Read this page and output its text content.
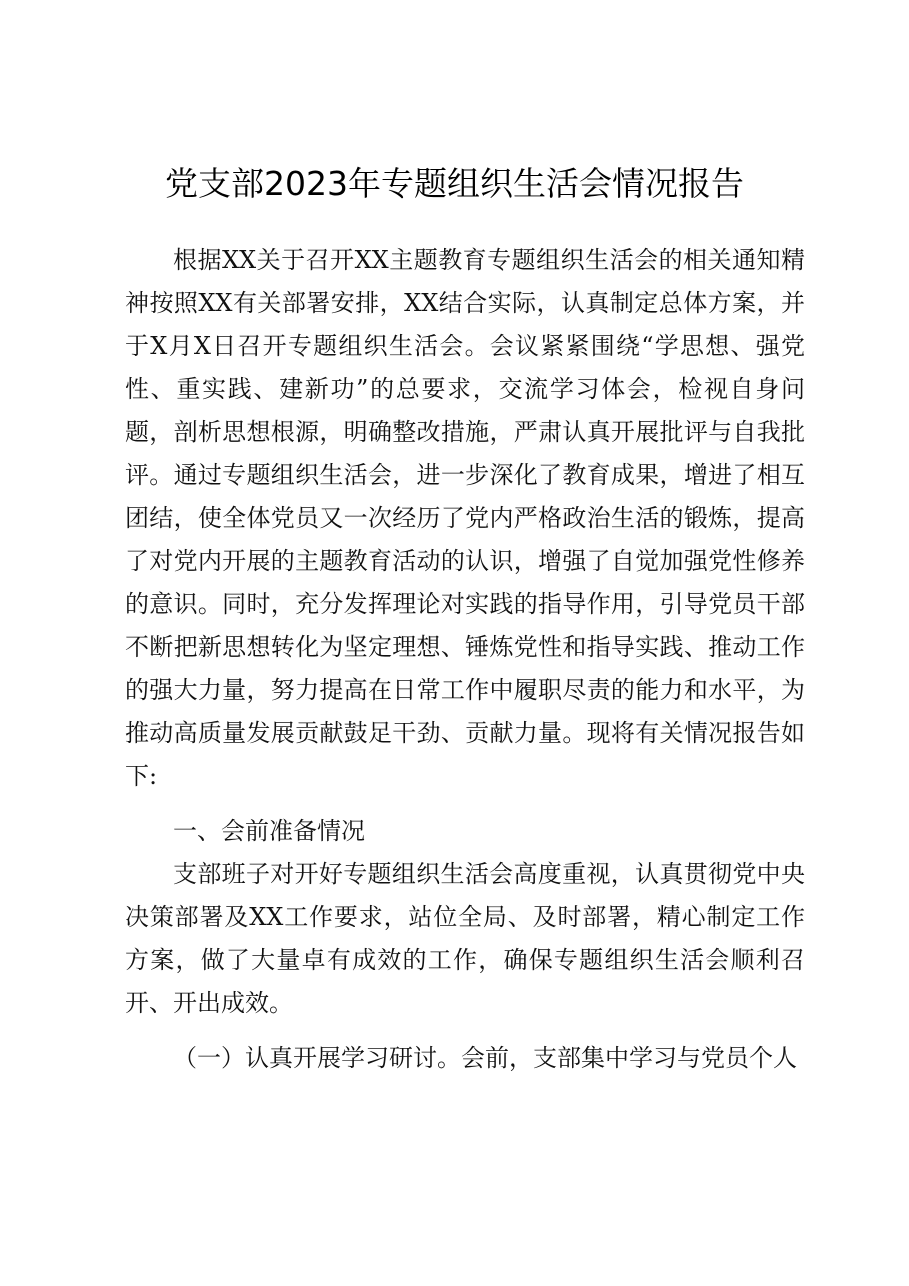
党支部2023年专题组织生活会情况报告

根据XX关于召开XX主题教育专题组织生活会的相关通知精神按照XX有关部署安排，XX结合实际，认真制定总体方案，并于X月X日召开专题组织生活会。会议紧紧围绕“学思想、强党性、重实践、建新功”的总要求，交流学习体会，检视自身问题，剖析思想根源，明确整改措施，严肃认真开展批评与自我批评。通过专题组织生活会，进一步深化了教育成果，增进了相互团结，使全体党员又一次经历了党内严格政治生活的锻炼，提高了对党内开展的主题教育活动的认识，增强了自觉加强党性修养的意识。同时，充分发挥理论对实践的指导作用，引导党员干部不断把新思想转化为坚定理想、锤炼党性和指导实践、推动工作的强大力量，努力提高在日常工作中履职尽责的能力和水平，为推动高质量发展贡献鼓足干劲、贡献力量。现将有关情况报告如下:

一、会前准备情况

支部班子对开好专题组织生活会高度重视，认真贯彻党中央决策部署及XX工作要求，站位全局、及时部署，精心制定工作方案，做了大量卓有成效的工作，确保专题组织生活会顺利召开、开出成效。

（一）认真开展学习研讨。会前，支部集中学习与党员个人
